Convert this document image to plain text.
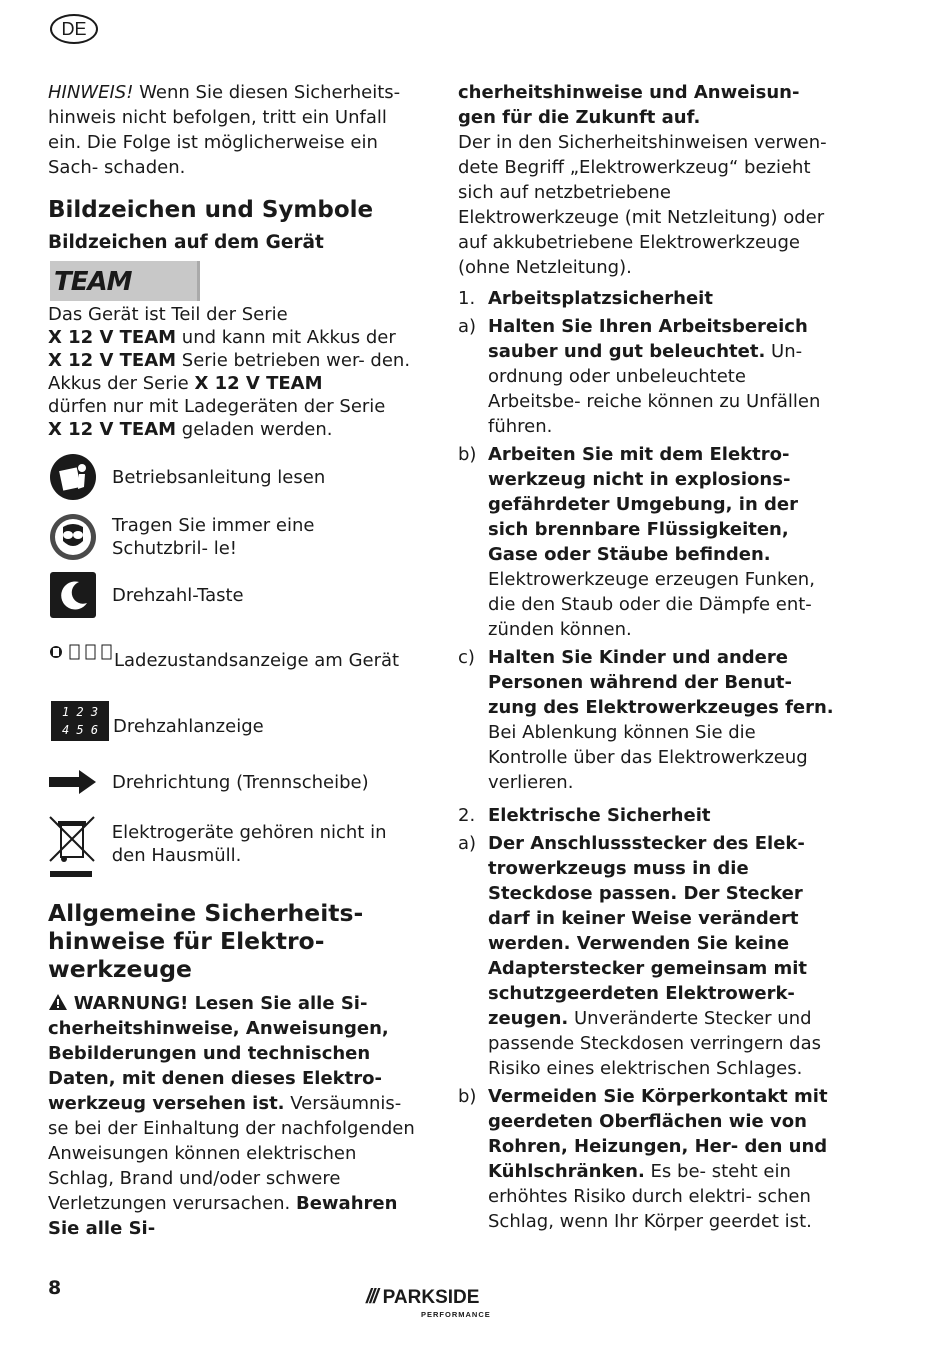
DE

HINWEIS! Wenn Sie diesen Sicherheits- hinweis nicht befolgen, tritt ein Unfall ein. Die Folge ist möglicherweise ein Sach- schaden.

Bildzeichen und Symbole
Bildzeichen auf dem Gerät
TEAM

Das Gerät ist Teil der Serie
X 12 V TEAM und kann mit Akkus der
X 12 V TEAM Serie betrieben wer- den. Akkus der Serie X 12 V TEAM
dürfen nur mit Ladegeräten der Serie
X 12 V TEAM geladen werden.

Betriebsanleitung lesen
Tragen Sie immer eine Schutzbril- le!
Drehzahl-Taste
Ladezustandsanzeige am Gerät
1 2 3
4 5 6 Drehzahlanzeige
Drehrichtung (Trennscheibe)
Elektrogeräte gehören nicht in den Hausmüll.
Allgemeine Sicherheits- hinweise für Elektro- werkzeuge

WARNUNG! Lesen Sie alle Si- cherheitshinweise, Anweisungen, Bebilderungen und technischen Daten, mit denen dieses Elektro- werkzeug versehen ist. Versäumnis- se bei der Einhaltung der nachfolgenden Anweisungen können elektrischen Schlag, Brand und/oder schwere Verletzungen verursachen. Bewahren Sie alle Si-

cherheitshinweise und Anweisun- gen für die Zukunft auf.

Der in den Sicherheitshinweisen verwen- dete Begriff „Elektrowerkzeug“ bezieht sich auf netzbetriebene Elektrowerkzeuge (mit Netzleitung) oder auf akkubetriebene Elektrowerkzeuge (ohne Netzleitung).

1. Arbeitsplatzsicherheit
a) Halten Sie Ihren Arbeitsbereich sauber und gut beleuchtet. Un- ordnung oder unbeleuchtete Arbeitsbe- reiche können zu Unfällen führen.
b) Arbeiten Sie mit dem Elektro- werkzeug nicht in explosions- gefährdeter Umgebung, in der sich brennbare Flüssigkeiten, Gase oder Stäube befinden. Elektrowerkzeuge erzeugen Funken, die den Staub oder die Dämpfe ent- zünden können.
c) Halten Sie Kinder und andere Personen während der Benut- zung des Elektrowerkzeuges fern. Bei Ablenkung können Sie die Kontrolle über das Elektrowerkzeug verlieren.
2. Elektrische Sicherheit
a) Der Anschlussstecker des Elek- trowerkzeugs muss in die Steckdose passen. Der Stecker darf in keiner Weise verändert werden. Verwenden Sie keine Adapterstecker gemeinsam mit schutzgeerdeten Elektrowerk- zeugen. Unveränderte Stecker und passende Steckdosen verringern das Risiko eines elektrischen Schlages.
b) Vermeiden Sie Körperkontakt mit geerdeten Oberflächen wie von Rohren, Heizungen, Her- den und Kühlschränken. Es be- steht ein erhöhtes Risiko durch elektri- schen Schlag, wenn Ihr Körper geerdet ist.
8	/// PARKSIDE
PERFORMANCE
